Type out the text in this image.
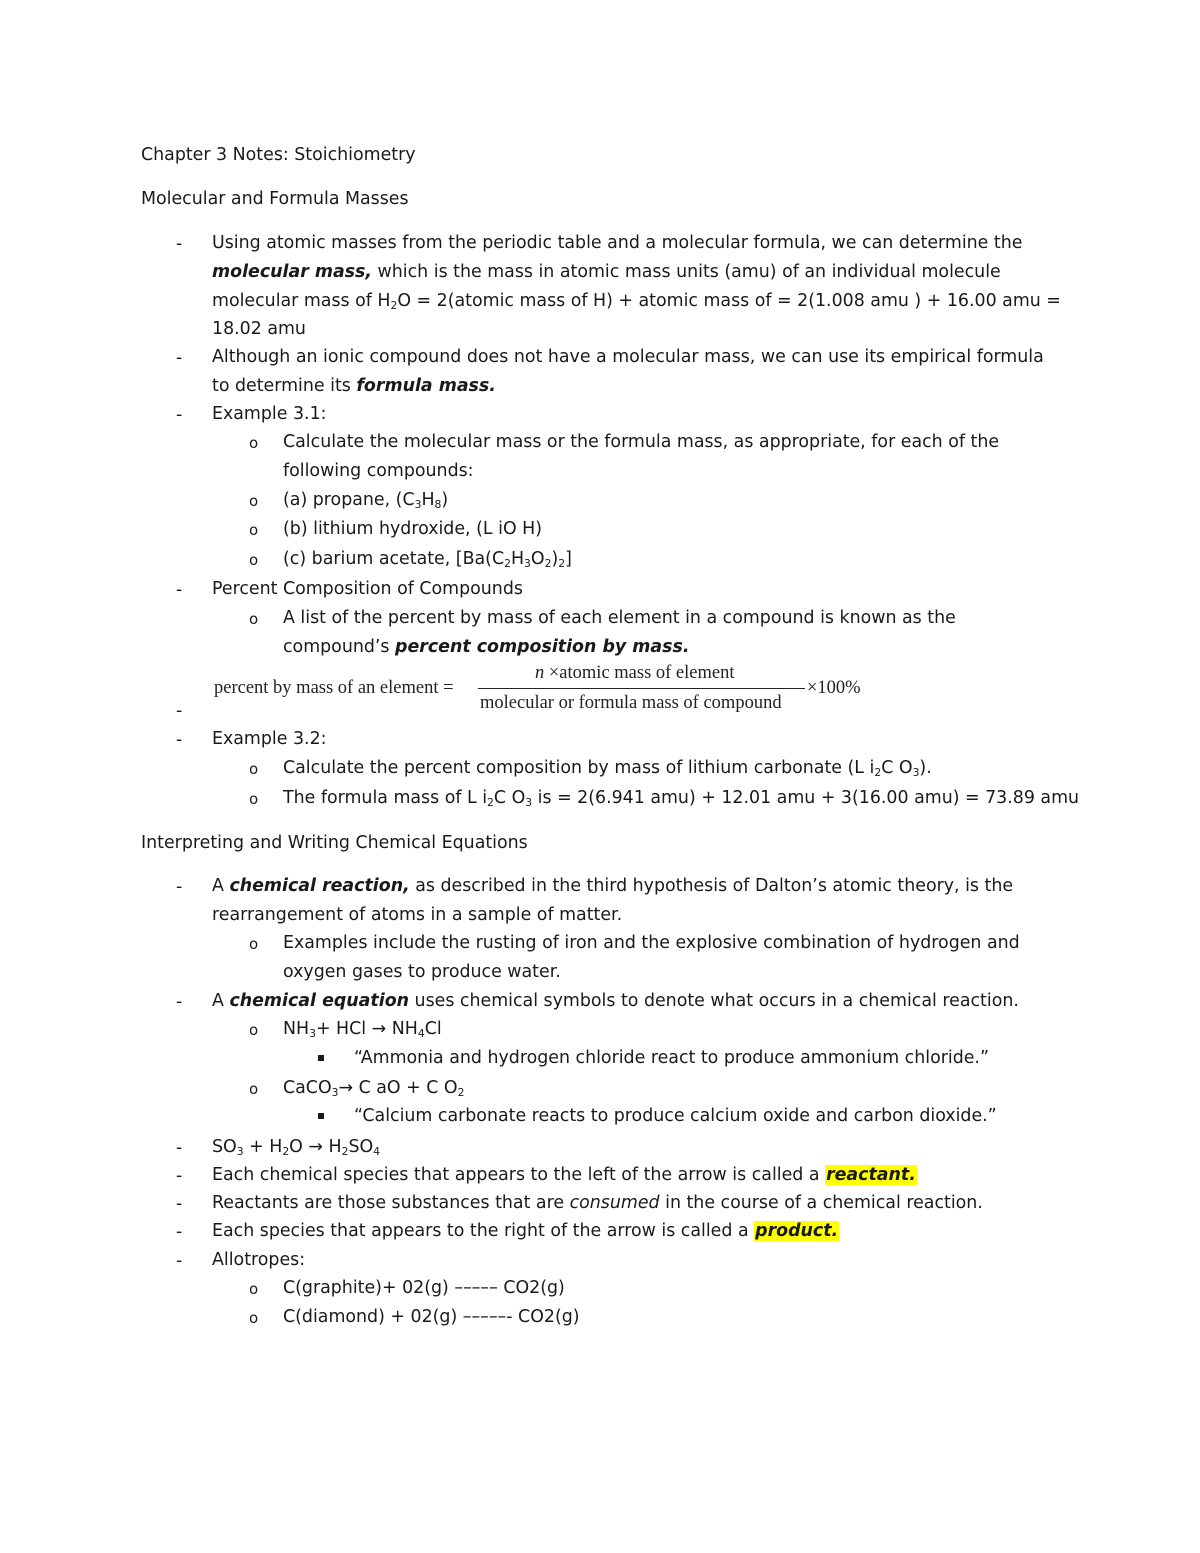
Chapter 3 Notes: Stoichiometry
Molecular and Formula Masses
- Using atomic masses from the periodic table and a molecular formula, we can determine the
molecular mass, which is the mass in atomic mass units (amu) of an individual molecule
molecular mass of $H_2O$ = 2(atomic mass of H) + atomic mass of = 2(1.008 amu ) + 16.00 amu =
18.02 amu
- Although an ionic compound does not have a molecular mass, we can use its empirical formula
to determine its formula mass.
- Example 3.1:
o Calculate the molecular mass or the formula mass, as appropriate, for each of the
following compounds:
o (a) propane, $(C_3H_8)$
o (b) lithium hydroxide, (L iO H)
o (c) barium acetate, $[Ba(C_2H_3O_2)_2]$
- Percent Composition of Compounds
o A list of the percent by mass of each element in a compound is known as the
compound’s percent composition by mass.
percent by mass of an element =
n ×atomic mass of element
molecular or formula mass of compound
×100%
-
- Example 3.2:
o Calculate the percent composition by mass of lithium carbonate (L $i_2C$ $O_3$).
o The formula mass of L $i_2C$ $O_3$ is = 2(6.941 amu) + 12.01 amu + 3(16.00 amu) = 73.89 amu
Interpreting and Writing Chemical Equations
- A chemical reaction, as described in the third hypothesis of Dalton’s atomic theory, is the
rearrangement of atoms in a sample of matter.
o Examples include the rusting of iron and the explosive combination of hydrogen and
oxygen gases to produce water.
- A chemical equation uses chemical symbols to denote what occurs in a chemical reaction.
o $NH_3+$ HCl → $NH_4Cl$
“Ammonia and hydrogen chloride react to produce ammonium chloride.”
o CaCO$_3$→ C aO + C $O_2$
“Calcium carbonate reacts to produce calcium oxide and carbon dioxide.”
- $SO_3 + H_2O \to H_2SO_4$
- Each chemical species that appears to the left of the arrow is called a reactant.
- Reactants are those substances that are consumed in the course of a chemical reaction.
- Each species that appears to the right of the arrow is called a product.
- Allotropes:
o C(graphite)+ 02(g) ––––– CO2(g)
o C(diamond) + 02(g) –––––- CO2(g)
